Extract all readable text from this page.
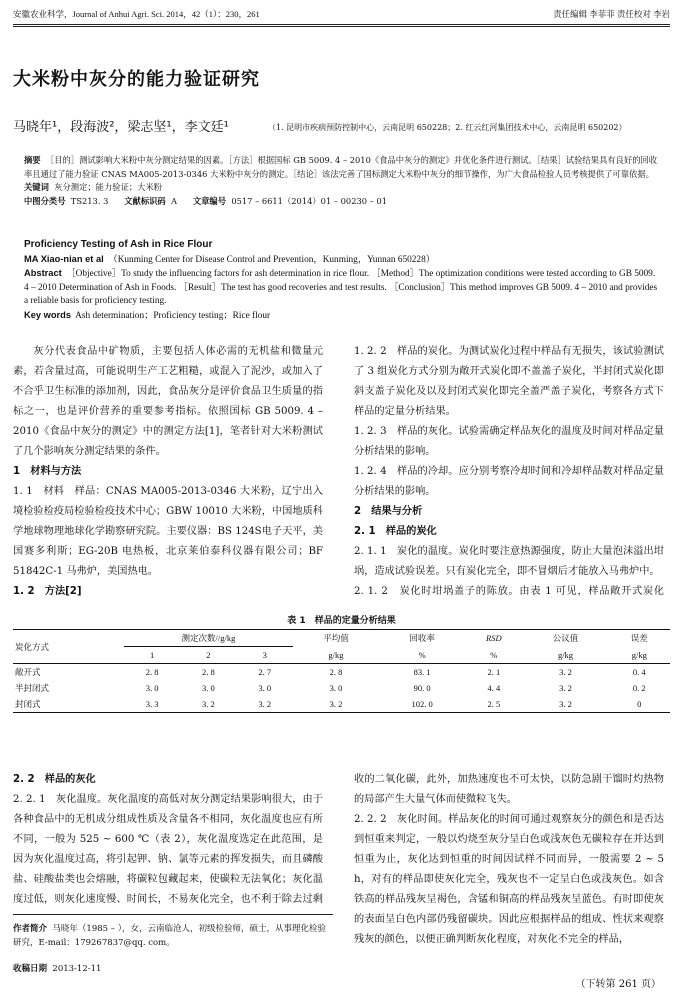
安徽农业科学，Journal of Anhui Agri. Sci. 2014，42（1）：230，261	责任编辑 李菲菲 责任校对 李岩
大米粉中灰分的能力验证研究
马晓年¹，段海波²，梁志坚¹，李文廷¹	（1. 昆明市疾病预防控制中心，云南昆明 650228；2. 红云红河集团技术中心，云南昆明 650202）
摘要 ［目的］测试影响大米粉中灰分测定结果的因素。［方法］根据国标 GB 5009. 4 – 2010《食品中灰分的测定》并优化条件进行测试。［结果］试验结果具有良好的回收率且通过了能力验证 CNAS MA005-2013-0346 大米粉中灰分的测定。［结论］该法完善了国标测定大米粉中灰分的细节操作，为广大食品检验人员考核提供了可靠依据。
关键词 灰分测定；能力验证；大米粉
中图分类号 TS213. 3 文献标识码 A 文章编号 0517 – 6611（2014）01 – 00230 – 01
Proficiency Testing of Ash in Rice Flour
MA Xiao-nian et al （Kunming Center for Disease Control and Prevention，Kunming，Yunnan 650228）
Abstract ［Objective］To study the influencing factors for ash determination in rice flour. ［Method］The optimization conditions were tested according to GB 5009. 4 – 2010 Determination of Ash in Foods. ［Result］The test has good recoveries and test results. ［Conclusion］This method improves GB 5009. 4 – 2010 and provides a reliable basis for proficiency testing.
Key words Ash determination；Proficiency testing；Rice flour

灰分代表食品中矿物质，主要包括人体必需的无机盐和微量元素，若含量过高，可能说明生产工艺粗糙，或混入了泥沙，或加入了不合乎卫生标准的添加剂，因此，食品灰分是评价食品卫生质量的指标之一，也是评价营养的重要参考指标。依照国标 GB 5009. 4 –2010《食品中灰分的测定》中的测定方法[1]，笔者针对大米粉测试了几个影响灰分测定结果的条件。

1　材料与方法

1. 1　材料　样品：CNAS MA005-2013-0346 大米粉，辽宁出入境检验检疫局检验检疫技术中心；GBW 10010 大米粉，中国地质科学地球物理地球化学勘察研究院。主要仪器：BS 124S电子天平，美国赛多利斯；EG-20B 电热板，北京莱伯泰科仪器有限公司；BF 51842C-1 马弗炉，美国热电。

1. 2　方法[2]

1. 2. 2　样品的炭化。为测试炭化过程中样品有无损失，该试验测试了 3 组炭化方式分别为敞开式炭化即不盖盖子炭化，半封闭式炭化即斜支盖子炭化及以及封闭式炭化即完全盖严盖子炭化，考察各方式下样品的定量分析结果。

1. 2. 3　样品的灰化。试验需确定样品灰化的温度及时间对样品定量分析结果的影响。

1. 2. 4　样品的冷却。应分别考察冷却时间和冷却样品数对样品定量分析结果的影响。

2　结果与分析

2. 1　样品的炭化

2. 1. 1　炭化的温度。炭化时要注意热源强度，防止大量泡沫溢出坩埚，造成试验误差。只有炭化完全，即不冒烟后才能放入马弗炉中。

2. 1. 2　炭化时坩埚盖子的陈放。由表 1 可见，样品敞开式炭化

表 1　样品的定量分析结果
炭化方式	测定次数//g/kg			平均值	回收率	RSD	公议值	误差
	1	2	3	g/kg	%	%	g/kg	g/kg
敞开式	2. 8	2. 8	2. 7	2. 8	83. 1	2. 1	3. 2	0. 4
半封闭式	3. 0	3. 0	3. 0	3. 0	90. 0	4. 4	3. 2	0. 2
封闭式	3. 3	3. 2	3. 2	3. 2	102. 0	2. 5	3. 2	0

2. 2　样品的灰化

2. 2. 1　灰化温度。灰化温度的高低对灰分测定结果影响很大，由于各种食品中的无机成分组成性质及含量各不相同，灰化温度也应有所不同，一般为 525 ~ 600 ℃（表 2），灰化温度选定在此范围，是因为灰化温度过高，将引起钾、钠、氯等元素的挥发损失，而且磷酸盐、硅酸盐类也会熔融，将碳粒包藏起来，使碳粒无法氧化；灰化温度过低，则灰化速度慢、时间长，不易灰化完全，也不利于除去过剩

收的二氧化碳，此外，加热速度也不可太快，以防急剧干馏时灼热物的局部产生大量气体而使微粒飞失。

2. 2. 2　灰化时间。样品灰化的时间可通过观察灰分的颜色和是否达到恒重来判定，一般以灼烧至灰分呈白色或浅灰色无碳粒存在并达到恒重为止，灰化达到恒重的时间因试样不同而异，一般需要 2 ~ 5 h，对有的样品即使灰化完全，残灰也不一定呈白色或浅灰色。如含铁高的样品残灰呈褐色，含锰和铜高的样品残灰呈蓝色。有时即使灰的表面呈白色内部仍残留碳块。因此应根据样品的组成、性状来观察残灰的颜色，以便正确判断灰化程度，对灰化不完全的样品，

作者简介 马晓年（1985 – ），女，云南临沧人，初级检验师，硕士，从事理化检验研究，E-mail：179267837@qq. com。
收稿日期 2013-12-11
（下转第 261 页）
